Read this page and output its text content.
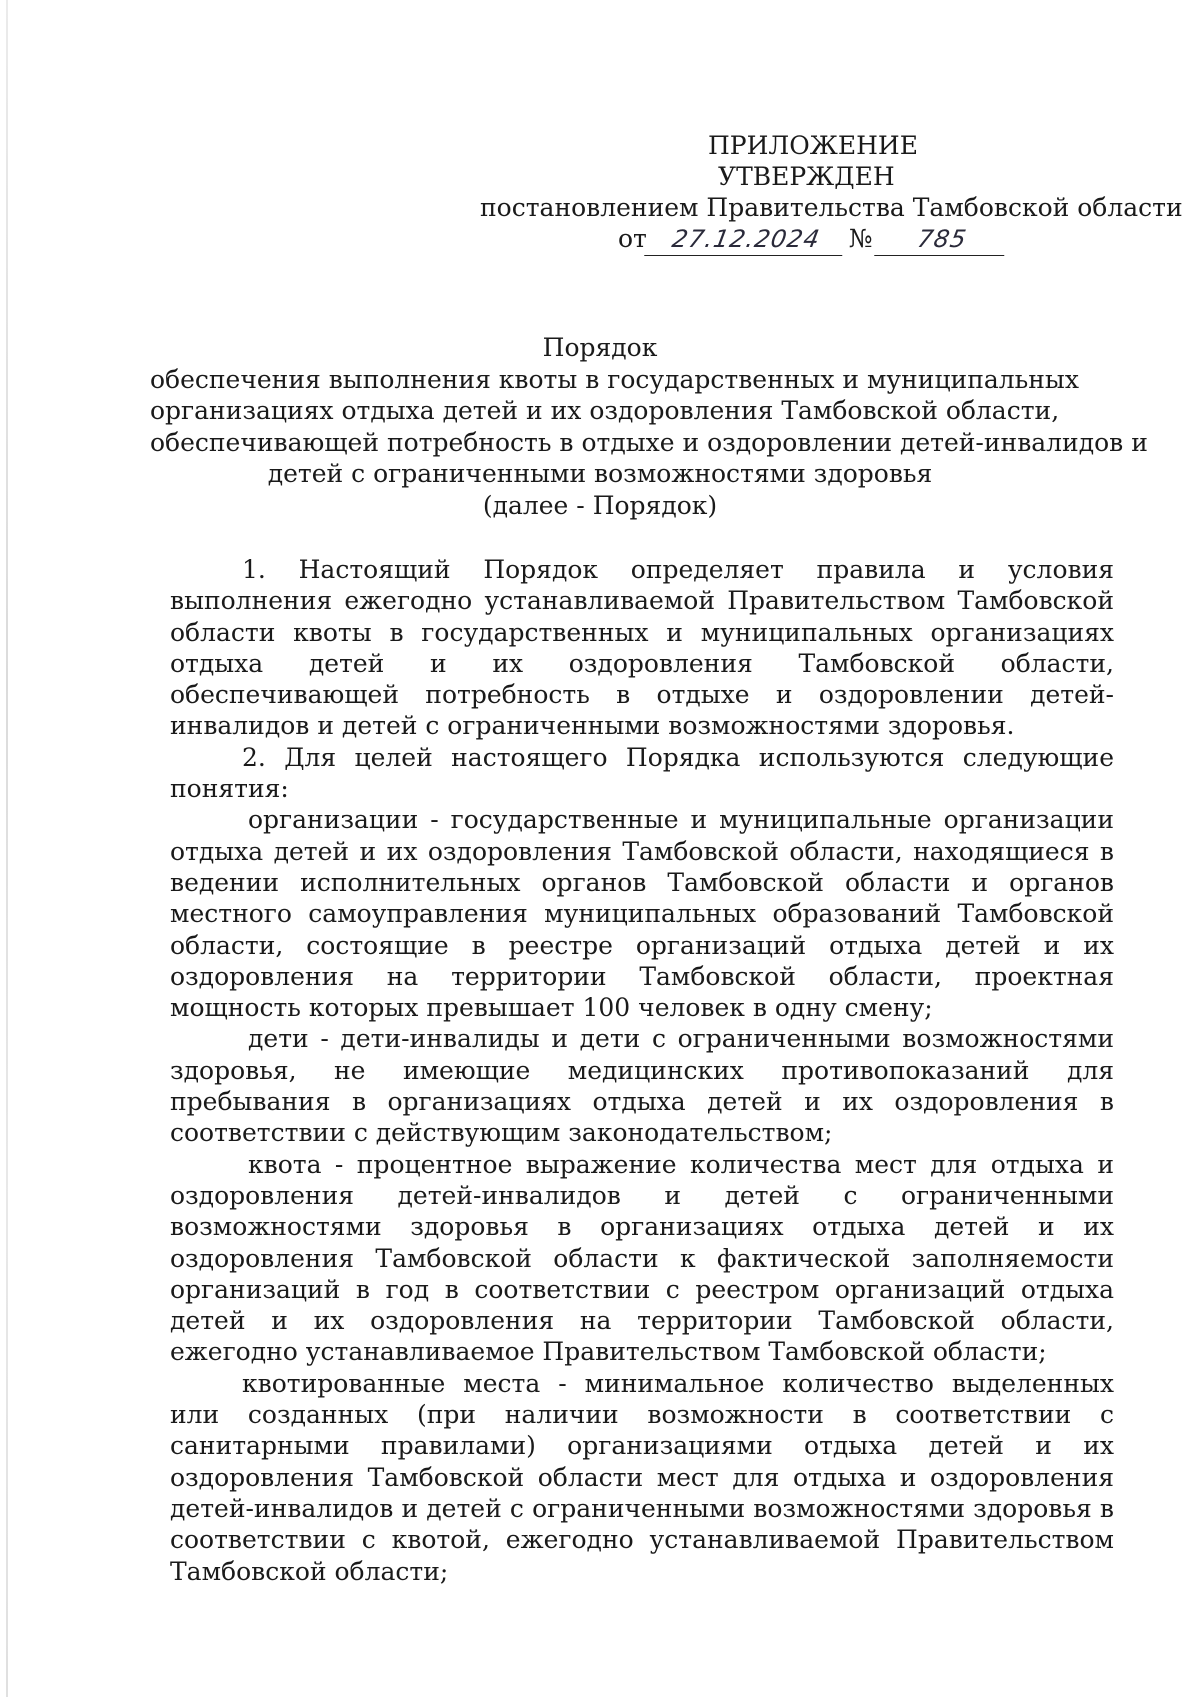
ПРИЛОЖЕНИЕ
УТВЕРЖДЕН
постановлением Правительства Тамбовской области
от 27.12.2024 № 785
Порядок
обеспечения выполнения квоты в государственных и муниципальных
организациях отдыха детей и их оздоровления Тамбовской области,
обеспечивающей потребность в отдыхе и оздоровлении детей-инвалидов и
детей с ограниченными возможностями здоровья
(далее - Порядок)

1. Настоящий Порядок определяет правила и условия выполнения ежегодно устанавливаемой Правительством Тамбовской области квоты в государственных и муниципальных организациях отдыха детей и их оздоровления Тамбовской области, обеспечивающей потребность в отдыхе и оздоровлении детей-инвалидов и детей с ограниченными возможностями здоровья.

2. Для целей настоящего Порядка используются следующие понятия:

организации - государственные и муниципальные организации отдыха детей и их оздоровления Тамбовской области, находящиеся в ведении исполнительных органов Тамбовской области и органов местного самоуправления муниципальных образований Тамбовской области, состоящие в реестре организаций отдыха детей и их оздоровления на территории Тамбовской области, проектная мощность которых превышает 100 человек в одну смену;

дети - дети-инвалиды и дети с ограниченными возможностями здоровья, не имеющие медицинских противопоказаний для пребывания в организациях отдыха детей и их оздоровления в соответствии с действующим законодательством;

квота - процентное выражение количества мест для отдыха и оздоровления детей-инвалидов и детей с ограниченными возможностями здоровья в организациях отдыха детей и их оздоровления Тамбовской области к фактической заполняемости организаций в год в соответствии с реестром организаций отдыха детей и их оздоровления на территории Тамбовской области, ежегодно устанавливаемое Правительством Тамбовской области;

квотированные места - минимальное количество выделенных или созданных (при наличии возможности в соответствии с санитарными правилами) организациями отдыха детей и их оздоровления Тамбовской области мест для отдыха и оздоровления детей-инвалидов и детей с ограниченными возможностями здоровья в соответствии с квотой, ежегодно устанавливаемой Правительством Тамбовской области;
